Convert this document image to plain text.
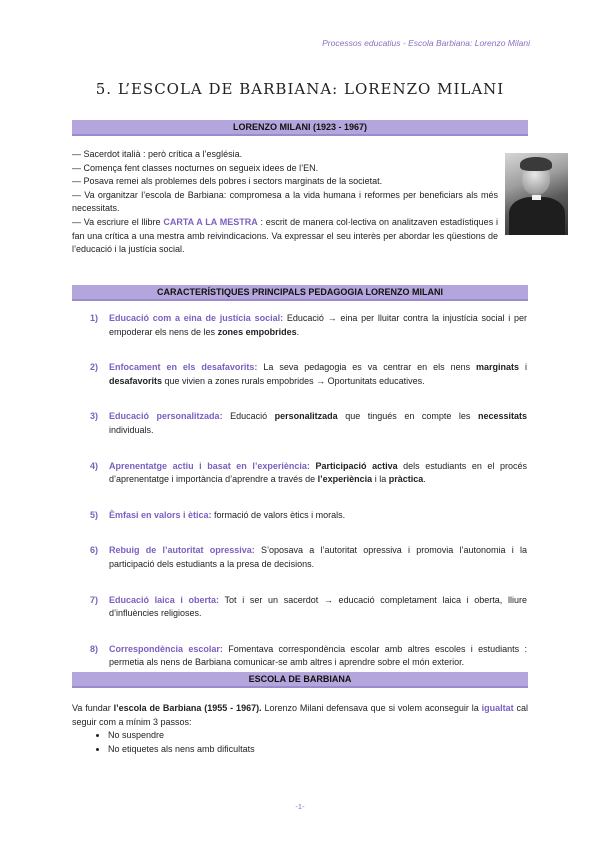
Processos educatius - Escola Barbiana: Lorenzo Milani
5. L’ESCOLA DE BARBIANA: LORENZO MILANI
LORENZO MILANI (1923 - 1967)

— Sacerdot italià : però crítica a l’església.

— Comença fent classes nocturnes on segueix idees de l’EN.

— Posava remei als problemes dels pobres i sectors marginats de la societat.

— Va organitzar l’escola de Barbiana: compromesa a la vida humana i reformes per beneficiars als més necessitats.

— Va escriure el llibre CARTA A LA MESTRA : escrit de manera col·lectiva on analitzaven estadístiques i fan una crítica a una mestra amb reivindicacions. Va expressar el seu interès per abordar les qüestions de l’educació i la justícia social.

CARACTERÍSTIQUES PRINCIPALS PEDAGOGIA LORENZO MILANI
1) Educació com a eina de justícia social: Educació → eina per lluitar contra la injustícia social i per empoderar els nens de les zones empobrides.
2) Enfocament en els desafavorits: La seva pedagogia es va centrar en els nens marginats i desafavorits que vivien a zones rurals empobrides → Oportunitats educatives.
3) Educació personalitzada: Educació personalitzada que tingués en compte les necessitats individuals.
4) Aprenentatge actiu i basat en l’experiència: Participació activa dels estudiants en el procés d’aprenentatge i importància d’aprendre a través de l’experiència i la pràctica.
5) Èmfasi en valors i ètica: formació de valors ètics i morals.
6) Rebuig de l’autoritat opressiva: S’oposava a l’autoritat opressiva i promovia l’autonomia i la participació dels estudiants a la presa de decisions.
7) Educació laica i oberta: Tot i ser un sacerdot → educació completament laica i oberta, lliure d’influències religioses.
8) Correspondència escolar: Fomentava correspondència escolar amb altres escoles i estudiants : permetia als nens de Barbiana comunicar-se amb altres i aprendre sobre el món exterior.
ESCOLA DE BARBIANA
Va fundar l’escola de Barbiana (1955 - 1967). Lorenzo Milani defensava que si volem aconseguir la igualtat cal seguir com a mínim 3 passos:
• No suspendre
• No etiquetes als nens amb dificultats
-1-
